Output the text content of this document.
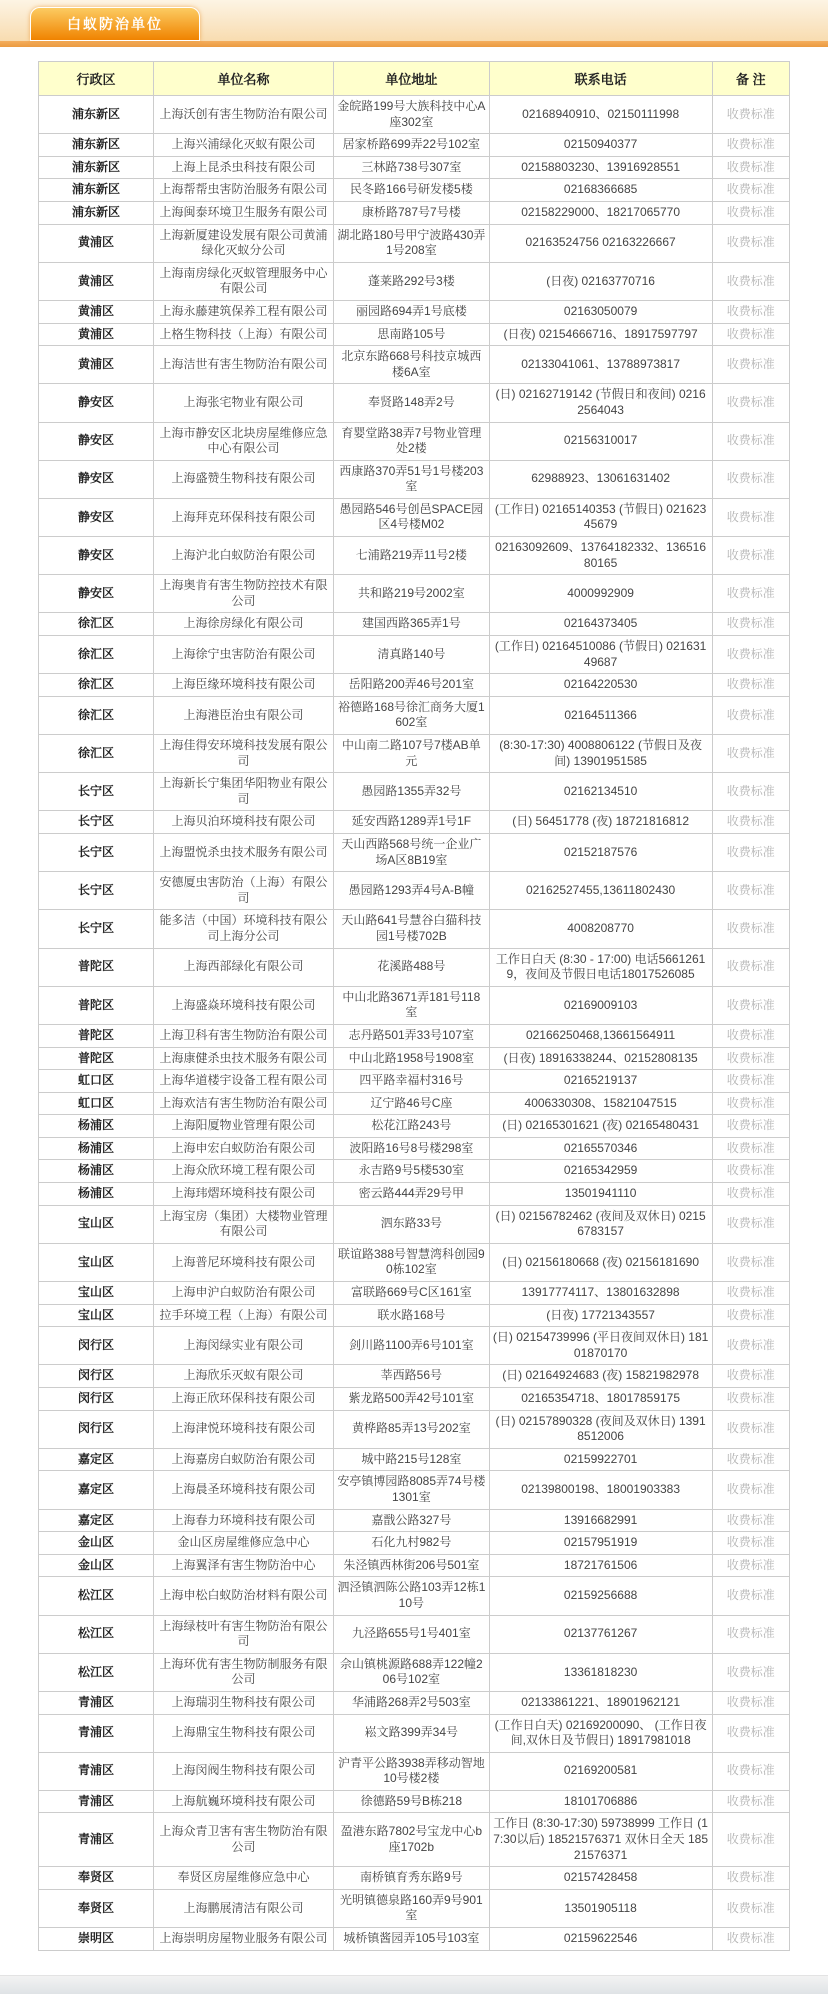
白蚁防治单位
行政区	单位名称	单位地址	联系电话	备 注
浦东新区	上海沃创有害生物防治有限公司	金皖路199号大族科技中心A座302室	02168940910、02150111998	收费标准
浦东新区	上海兴浦绿化灭蚁有限公司	居家桥路699弄22号102室	02150940377	收费标准
浦东新区	上海上昆杀虫科技有限公司	三林路738号307室	02158803230、13916928551	收费标准
浦东新区	上海帮帮虫害防治服务有限公司	民冬路166号研发楼5楼	02168366685	收费标准
浦东新区	上海闽泰环境卫生服务有限公司	康桥路787号7号楼	02158229000、18217065770	收费标准
黄浦区	上海新厦建设发展有限公司黄浦绿化灭蚁分公司	湖北路180号甲宁波路430弄1号208室	02163524756 02163226667	收费标准
黄浦区	上海南房绿化灭蚁管理服务中心有限公司	蓬莱路292号3楼	(日夜) 02163770716	收费标准
黄浦区	上海永藤建筑保养工程有限公司	丽园路694弄1号底楼	02163050079	收费标准
黄浦区	上格生物科技（上海）有限公司	思南路105号	(日夜) 02154666716、18917597797	收费标准
黄浦区	上海洁世有害生物防治有限公司	北京东路668号科技京城西楼6A室	02133041061、13788973817	收费标准
静安区	上海张宅物业有限公司	奉贤路148弄2号	(日) 02162719142 (节假日和夜间) 02162564043	收费标准
静安区	上海市静安区北块房屋维修应急中心有限公司	育婴堂路38弄7号物业管理处2楼	02156310017	收费标准
静安区	上海盛赞生物科技有限公司	西康路370弄51号1号楼203室	62988923、13061631402	收费标准
静安区	上海拜克环保科技有限公司	愚园路546号创邑SPACE园区4号楼M02	(工作日) 02165140353 (节假日) 02162345679	收费标准
静安区	上海沪北白蚁防治有限公司	七浦路219弄11号2楼	02163092609、13764182332、13651680165	收费标准
静安区	上海奥肯有害生物防控技术有限公司	共和路219号2002室	4000992909	收费标准
徐汇区	上海徐房绿化有限公司	建国西路365弄1号	02164373405	收费标准
徐汇区	上海徐宁虫害防治有限公司	清真路140号	(工作日) 02164510086 (节假日) 02163149687	收费标准
徐汇区	上海臣缘环境科技有限公司	岳阳路200弄46号201室	02164220530	收费标准
徐汇区	上海港臣治虫有限公司	裕德路168号徐汇商务大厦1602室	02164511366	收费标准
徐汇区	上海佳得安环境科技发展有限公司	中山南二路107号7楼AB单元	(8:30-17:30) 4008806122 (节假日及夜间) 13901951585	收费标准
长宁区	上海新长宁集团华阳物业有限公司	愚园路1355弄32号	02162134510	收费标准
长宁区	上海贝泊环境科技有限公司	延安西路1289弄1号1F	(日) 56451778 (夜) 18721816812	收费标准
长宁区	上海盟悦杀虫技术服务有限公司	天山西路568号统一企业广场A区8B19室	02152187576	收费标准
长宁区	安德厦虫害防治（上海）有限公司	愚园路1293弄4号A-B幢	02162527455,13611802430	收费标准
长宁区	能多洁（中国）环境科技有限公司上海分公司	天山路641号慧谷白猫科技园1号楼702B	4008208770	收费标准
普陀区	上海西部绿化有限公司	花溪路488号	工作日白天 (8:30 - 17:00) 电话56612619，夜间及节假日电话18017526085	收费标准
普陀区	上海盛焱环境科技有限公司	中山北路3671弄181号118室	02169009103	收费标准
普陀区	上海卫科有害生物防治有限公司	志丹路501弄33号107室	02166250468,13661564911	收费标准
普陀区	上海康健杀虫技术服务有限公司	中山北路1958号1908室	(日夜) 18916338244、02152808135	收费标准
虹口区	上海华道楼宇设备工程有限公司	四平路幸福村316号	02165219137	收费标准
虹口区	上海欢洁有害生物防治有限公司	辽宁路46号C座	4006330308、15821047515	收费标准
杨浦区	上海阳厦物业管理有限公司	松花江路243号	(日) 02165301621 (夜) 02165480431	收费标准
杨浦区	上海申宏白蚁防治有限公司	波阳路16号8号楼298室	02165570346	收费标准
杨浦区	上海众欣环境工程有限公司	永吉路9号5楼530室	02165342959	收费标准
杨浦区	上海玮熠环境科技有限公司	密云路444弄29号甲	13501941110	收费标准
宝山区	上海宝房（集团）大楼物业管理有限公司	泗东路33号	(日) 02156782462 (夜间及双休日) 02156783157	收费标准
宝山区	上海普尼环境科技有限公司	联谊路388号智慧湾科创园90栋102室	(日) 02156180668 (夜) 02156181690	收费标准
宝山区	上海申沪白蚁防治有限公司	富联路669号C区161室	13917774117、13801632898	收费标准
宝山区	拉手环境工程（上海）有限公司	联水路168号	(日夜) 17721343557	收费标准
闵行区	上海闵绿实业有限公司	剑川路1100弄6号101室	(日) 02154739996 (平日夜间双休日) 18101870170	收费标准
闵行区	上海欣乐灭蚁有限公司	莘西路56号	(日) 02164924683 (夜) 15821982978	收费标准
闵行区	上海正欣环保科技有限公司	紫龙路500弄42号101室	02165354718、18017859175	收费标准
闵行区	上海津悦环境科技有限公司	黄桦路85弄13号202室	(日) 02157890328 (夜间及双休日) 13918512006	收费标准
嘉定区	上海嘉房白蚁防治有限公司	城中路215号128室	02159922701	收费标准
嘉定区	上海晨圣环境科技有限公司	安亭镇博园路8085弄74号楼1301室	02139800198、18001903383	收费标准
嘉定区	上海春力环境科技有限公司	嘉戬公路327号	13916682991	收费标准
金山区	金山区房屋维修应急中心	石化九村982号	02157951919	收费标准
金山区	上海翼泽有害生物防治中心	朱泾镇西林街206号501室	18721761506	收费标准
松江区	上海申松白蚁防治材料有限公司	泗泾镇泗陈公路103弄12栋110号	02159256688	收费标准
松江区	上海绿枝叶有害生物防治有限公司	九泾路655号1号401室	02137761267	收费标准
松江区	上海环优有害生物防制服务有限公司	佘山镇桃源路688弄122幢206号102室	13361818230	收费标准
青浦区	上海瑞羽生物科技有限公司	华浦路268弄2号503室	02133861221、18901962121	收费标准
青浦区	上海鼎宝生物科技有限公司	崧文路399弄34号	(工作日白天) 02169200090、 (工作日夜间,双休日及节假日) 18917981018	收费标准
青浦区	上海闵阀生物科技有限公司	沪青平公路3938弄移动智地10号楼2楼	02169200581	收费标准
青浦区	上海航巍环境科技有限公司	徐德路59号B栋218	18101706886	收费标准
青浦区	上海众青卫害有害生物防治有限公司	盈港东路7802号宝龙中心b座1702b	工作日 (8:30-17:30) 59738999 工作日 (17:30以后) 18521576371 双休日全天 18521576371	收费标准
奉贤区	奉贤区房屋维修应急中心	南桥镇育秀东路9号	02157428458	收费标准
奉贤区	上海鹏展清洁有限公司	光明镇德泉路160弄9号901室	13501905118	收费标准
崇明区	上海崇明房屋物业服务有限公司	城桥镇酱园弄105号103室	02159622546	收费标准
